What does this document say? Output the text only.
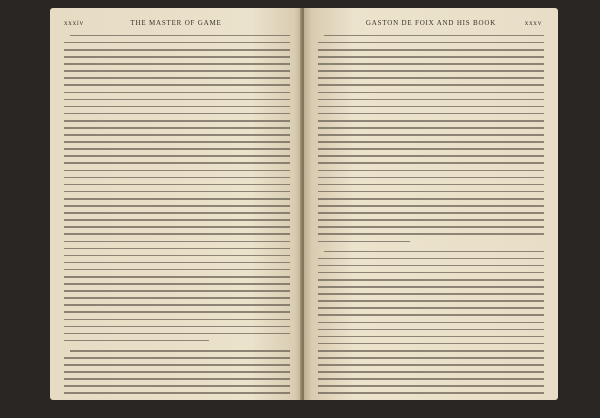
xxxiv	THE MASTER OF GAME	GASTON DE FOIX AND HIS BOOK	xxxv
